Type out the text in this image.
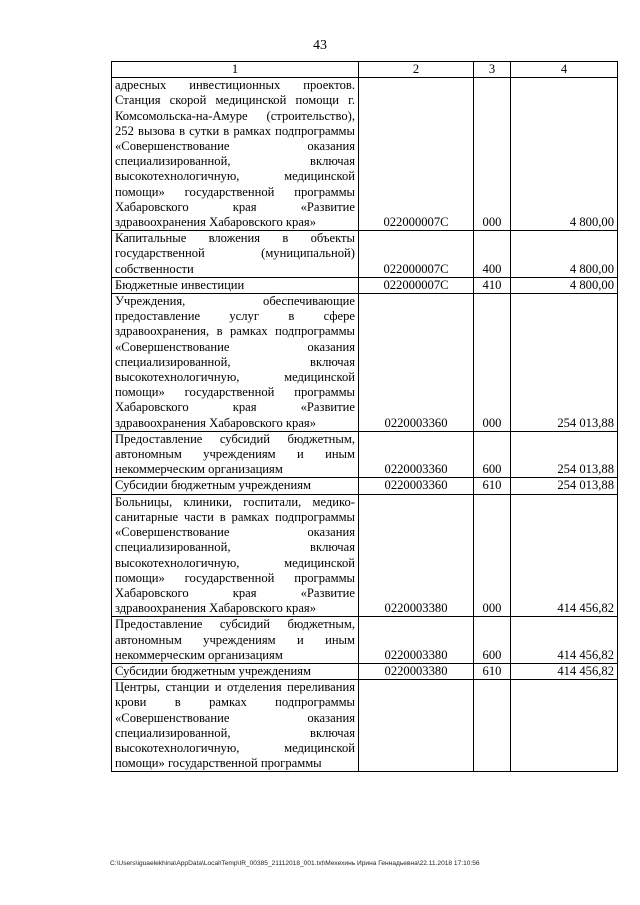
43
1	2	3	4
адресных инвестиционных проектов. Станция скорой медицинской помощи г. Комсомольска-на-Амуре (строительство), 252 вызова в сутки в рамках подпрограммы «Совершенствование оказания специализированной, включая высокотехнологичную, медицинской помощи» государственной программы Хабаровского края «Развитие здравоохранения Хабаровского края»	022000007C	000	4 800,00
Капитальные вложения в объекты государственной (муниципальной) собственности	022000007C	400	4 800,00
Бюджетные инвестиции	022000007C	410	4 800,00
Учреждения, обеспечивающие предоставление услуг в сфере здравоохранения, в рамках подпрограммы «Совершенствование оказания специализированной, включая высокотехнологичную, медицинской помощи» государственной программы Хабаровского края «Развитие здравоохранения Хабаровского края»	0220003360	000	254 013,88
Предоставление субсидий бюджетным, автономным учреждениям и иным некоммерческим организациям	0220003360	600	254 013,88
Субсидии бюджетным учреждениям	0220003360	610	254 013,88
Больницы, клиники, госпитали, медико-санитарные части в рамках подпрограммы «Совершенствование оказания специализированной, включая высокотехнологичную, медицинской помощи» государственной программы Хабаровского края «Развитие здравоохранения Хабаровского края»	0220003380	000	414 456,82
Предоставление субсидий бюджетным, автономным учреждениям и иным некоммерческим организациям	0220003380	600	414 456,82
Субсидии бюджетным учреждениям	0220003380	610	414 456,82
Центры, станции и отделения переливания крови в рамках подпрограммы «Совершенствование оказания специализированной, включая высокотехнологичную, медицинской помощи» государственной программы			
C:\Users\iguaelekhina\AppData\Local\Temp\IR_00385_21112018_001.txt\Мехехинь Ирина Геннадьевна\22.11.2018 17:10:56
